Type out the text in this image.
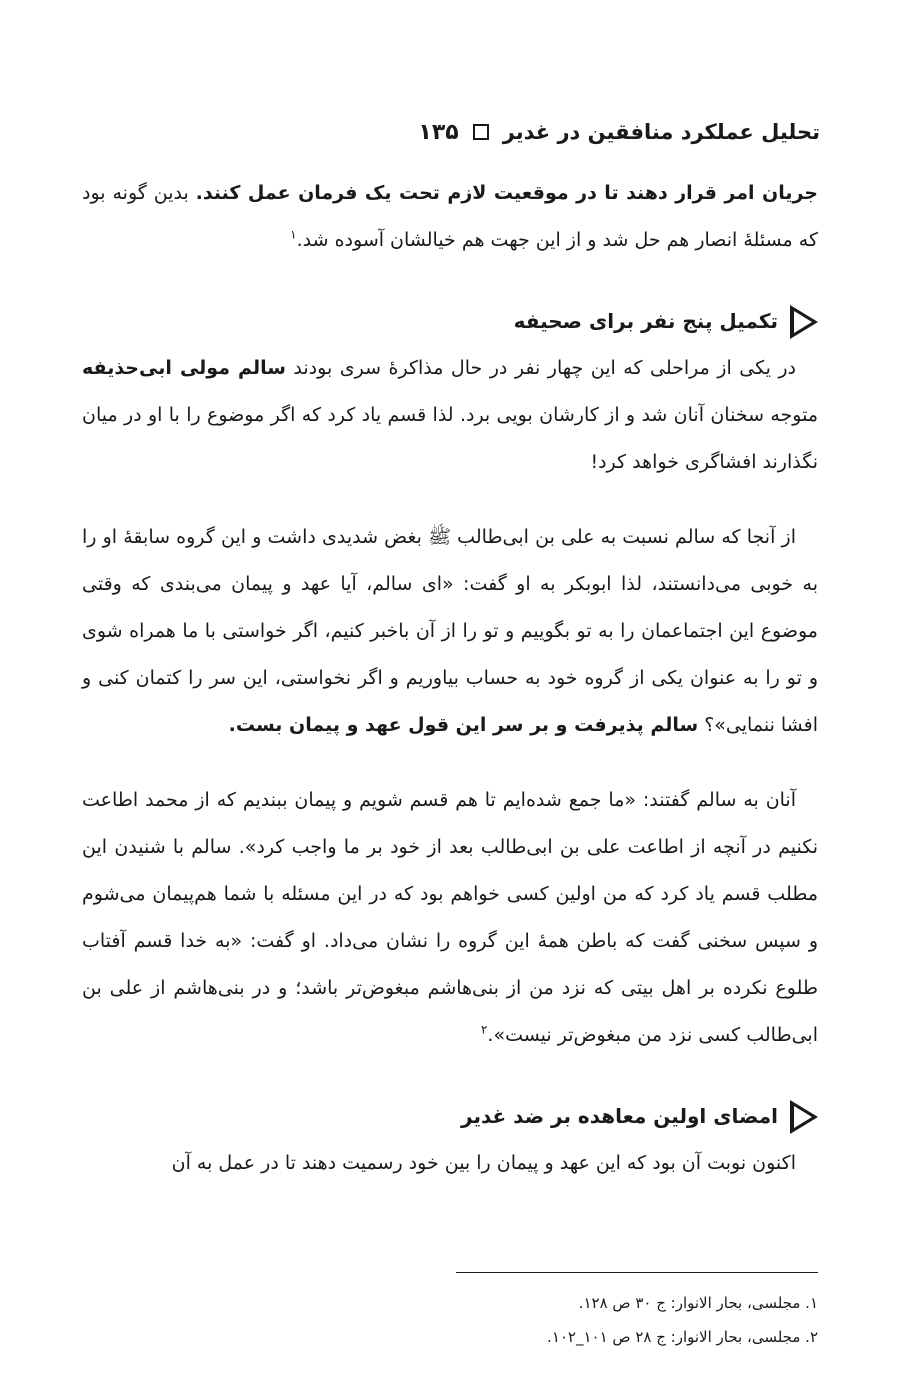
تحلیل عملکرد منافقین در غدیر
۱۳۵

جریان امر قرار دهند تا در موقعیت لازم تحت یک فرمان عمل کنند. بدین گونه بود که مسئلۀ انصار هم حل شد و از این جهت هم خیالشان آسوده شد.$^۱$

تکمیل پنج نفر برای صحیفه

در یکی از مراحلی که این چهار نفر در حال مذاکرۀ سری بودند سالم مولی ابی‌حذیفه متوجه سخنان آنان شد و از کارشان بویی برد. لذا قسم یاد کرد که اگر موضوع را با او در میان نگذارند افشاگری خواهد کرد!

از آنجا که سالم نسبت به علی بن ابی‌طالب ﷺ بغض شدیدی داشت و این گروه سابقۀ او را به خوبی می‌دانستند، لذا ابوبکر به او گفت: «ای سالم، آیا عهد و پیمان می‌بندی که وقتی موضوع این اجتماعمان را به تو بگوییم و تو را از آن باخبر کنیم، اگر خواستی با ما همراه شوی و تو را به عنوان یکی از گروه خود به حساب بیاوریم و اگر نخواستی، این سر را کتمان کنی و افشا ننمایی»؟ سالم پذیرفت و بر سر این قول عهد و پیمان بست.

آنان به سالم گفتند: «ما جمع شده‌ایم تا هم قسم شویم و پیمان ببندیم که از محمد اطاعت نکنیم در آنچه از اطاعت علی بن ابی‌طالب بعد از خود بر ما واجب کرد». سالم با شنیدن این مطلب قسم یاد کرد که من اولین کسی خواهم بود که در این مسئله با شما هم‌پیمان می‌شوم و سپس سخنی گفت که باطن همۀ این گروه را نشان می‌داد. او گفت: «به خدا قسم آفتاب طلوع نکرده بر اهل بیتی که نزد من از بنی‌هاشم مبغوض‌تر باشد؛ و در بنی‌هاشم از علی بن ابی‌طالب کسی نزد من مبغوض‌تر نیست».$^۲$

امضای اولین معاهده بر ضد غدیر

اکنون نوبت آن بود که این عهد و پیمان را بین خود رسمیت دهند تا در عمل به آن

۱. مجلسی، بحار الانوار: ج ۳۰ ص ۱۲۸.
۲. مجلسی، بحار الانوار: ج ۲۸ ص ۱۰۱_۱۰۲.
